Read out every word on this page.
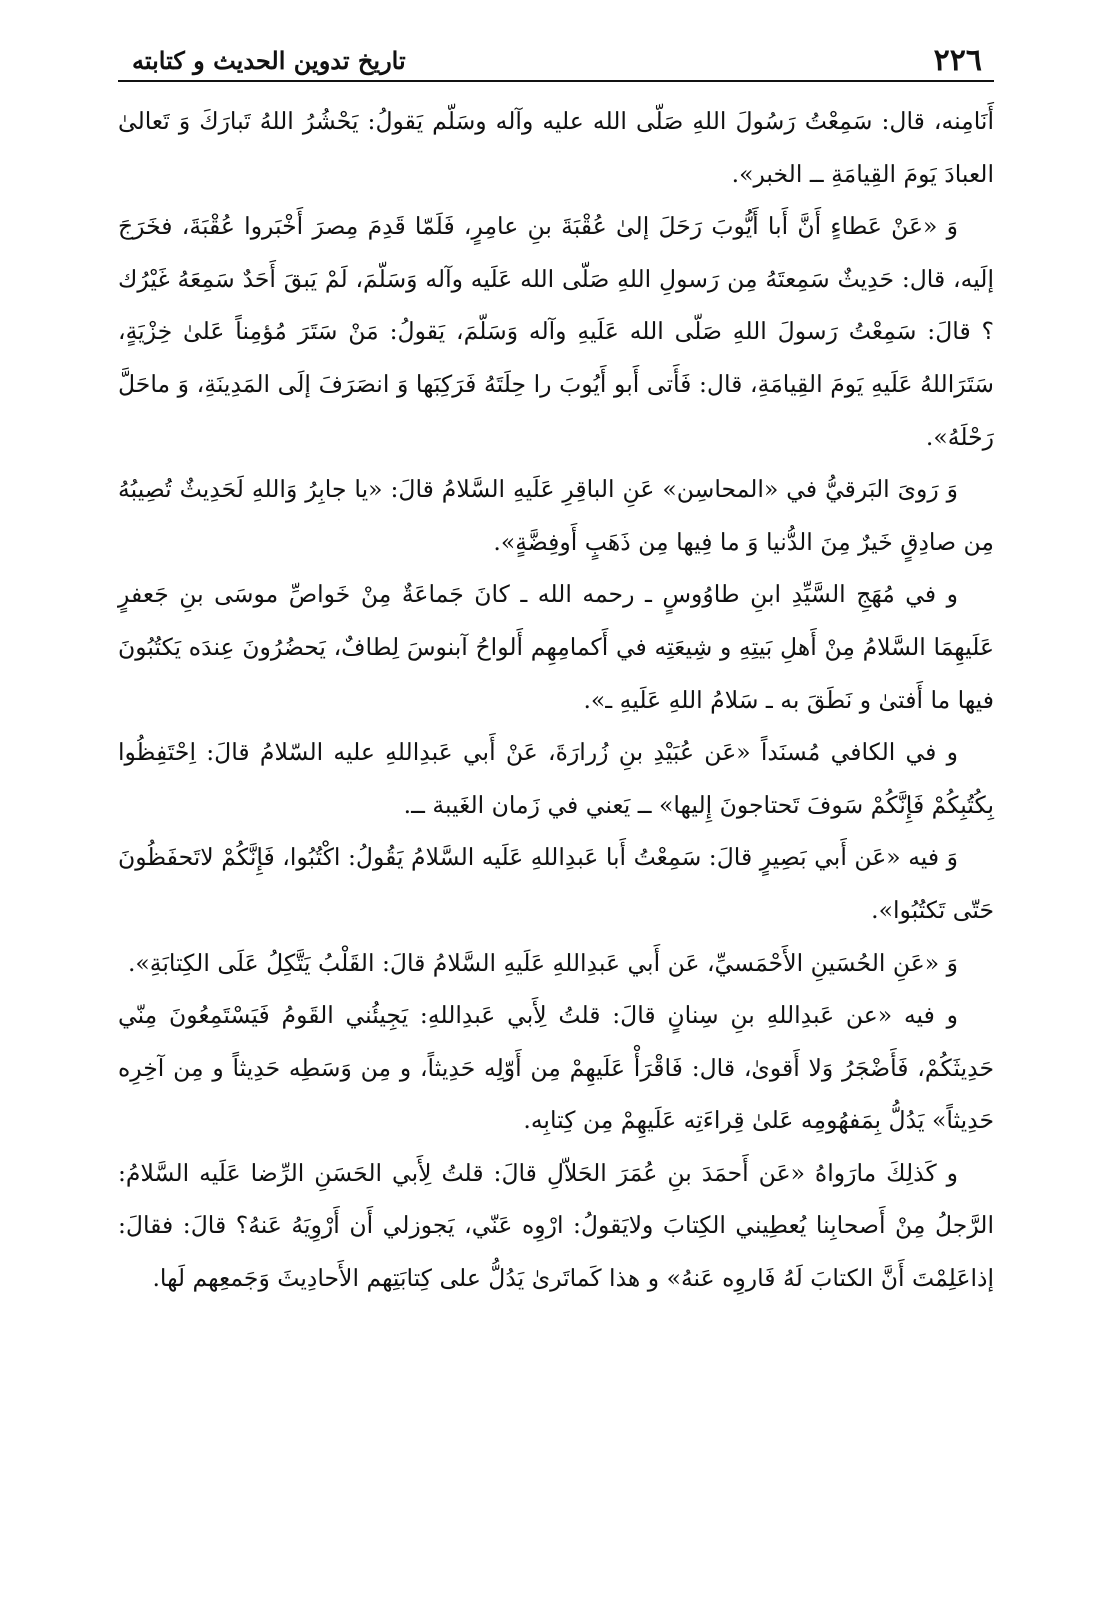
٢٢٦
تاريخ تدوين الحديث و كتابته

أَنَامِنه، قال: سَمِعْتُ رَسُولَ اللهِ صَلّى الله عليه وآله وسَلّم يَقولُ: يَحْشُرُ اللهُ تَبارَكَ وَ تَعالىٰ العبادَ يَومَ القِيامَةِ ــ الخبر».

وَ «عَنْ عَطاءٍ أَنَّ أَبا أَيُّوبَ رَحَلَ إلىٰ عُقْبَةَ بنِ عامِرٍ، فَلَمّا قَدِمَ مِصرَ أَخْبَروا عُقْبَةَ، فخَرَجَ إلَيه، قال: حَدِيثٌ سَمِعتَهُ مِن رَسولِ اللهِ صَلّى الله عَلَيه وآله وَسَلّمَ، لَمْ يَبقَ أَحَدٌ سَمِعَهُ غَيْرُك ؟ قالَ: سَمِعْتُ رَسولَ اللهِ صَلّى الله عَلَيهِ وآله وَسَلّمَ، يَقولُ: مَنْ سَتَرَ مُؤمِناً عَلىٰ خِزْيَةٍ، سَتَرَاللهُ عَلَيهِ يَومَ القِيامَةِ، قال: فَأَتى أَبو أَيُوبَ را حِلَتَهُ فَرَكِبَها وَ انصَرَفَ إلَى المَدِينَةِ، وَ ماحَلَّ رَحْلَهُ».

وَ رَوىَ البَرقيُّ في «المحاسِن» عَنِ الباقِرِ عَلَيهِ السَّلامُ قالَ: «يا جابِرُ وَاللهِ لَحَدِيثٌ تُصِيبُهُ مِن صادِقٍ خَيرٌ مِنَ الدُّنيا وَ ما فِيها مِن ذَهَبٍ أَوفِضَّةٍ».

و في مُهَجِ السَّيِّدِ ابنِ طاوُوسٍ ـ رحمه الله ـ كانَ جَماعَةٌ مِنْ خَواصِّ موسَى بنِ جَعفرٍ عَلَيهِمَا السَّلامُ مِنْ أَهلِ بَيتِهِ و شِيعَتِه في أَكمامِهِم أَلواحُ آبنوسَ لِطافٌ، يَحضُرُونَ عِندَه يَكتُبُونَ فيها ما أَفتىٰ و نَطَقَ به ـ سَلامُ اللهِ عَلَيهِ ـ».

و في الكافي مُسنَداً «عَن عُبَيْدِ بنِ زُرارَةَ، عَنْ أَبي عَبدِاللهِ عليه السّلامُ قالَ: اِحْتَفِظُوا بِكُتُبِكُمْ فَإِنَّكُمْ سَوفَ تَحتاجونَ إِليها» ــ يَعني في زَمان الغَيبة ــ.

وَ فيه «عَن أَبي بَصِيرٍ قالَ: سَمِعْتُ أَبا عَبدِاللهِ عَلَيه السَّلامُ يَقُولُ: اكْتُبُوا، فَإِنَّكُمْ لاتَحفَظُونَ حَتّى تَكتُبُوا».

وَ «عَنِ الحُسَينِ الأَحْمَسيِّ، عَن أَبي عَبدِاللهِ عَلَيهِ السَّلامُ قالَ: القَلْبُ يَتَّكِلُ عَلَى الكِتابَةِ».

و فيه «عن عَبدِاللهِ بنِ سِنانٍ قالَ: قلتُ لِأَبي عَبدِاللهِ: يَجِيئُني القَومُ فَيَسْتَمِعُونَ مِنّي حَدِيثَكُمْ، فَأَضْجَرُ وَلا أَقوىٰ، قال: فَاقْرَأْ عَلَيهِمْ مِن أَوّلِه حَدِيثاً، و مِن وَسَطِه حَدِيثاً و مِن آخِرِه حَدِيثاً» يَدُلُّ بِمَفهُومِه عَلىٰ قِراءَتِه عَلَيهِمْ مِن كِتابِه.

و كَذلِكَ مارَواهُ «عَن أَحمَدَ بنِ عُمَرَ الحَلاّلِ قالَ: قلتُ لِأَبي الحَسَنِ الرِّضا عَلَيه السَّلامُ: الرَّجلُ مِنْ أَصحابِنا يُعطِيني الكِتابَ ولايَقولُ: ارْوِه عَنّي، يَجوزلي أَن أَرْوِيَهُ عَنهُ؟ قالَ: فقالَ: إذاعَلِمْتَ أَنَّ الكتابَ لَهُ فَاروِه عَنهُ» و هذا كَماتَرىٰ يَدُلُّ على كِتابَتِهم الأَحادِيثَ وَجَمعِهم لَها.
